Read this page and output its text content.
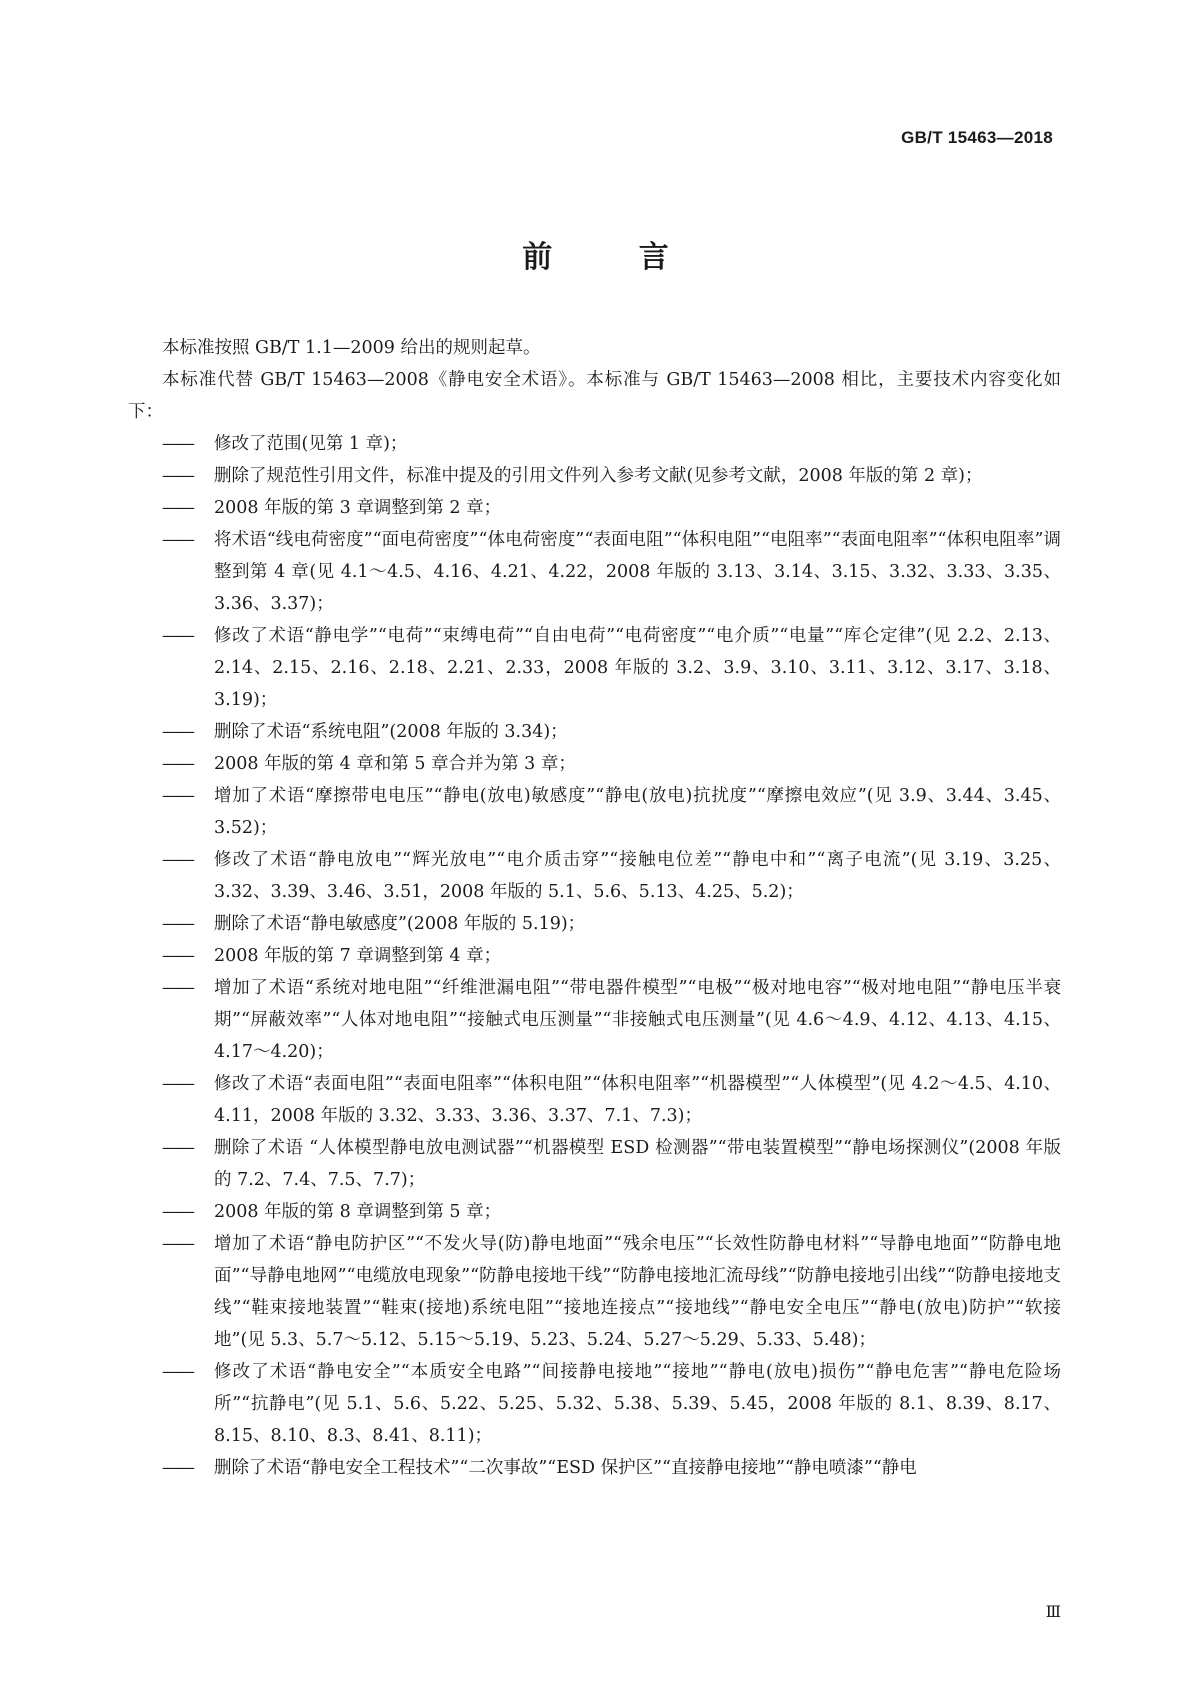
GB/T 15463—2018
前 言

本标准按照 GB/T 1.1—2009 给出的规则起草。

本标准代替 GB/T 15463—2008《静电安全术语》。本标准与 GB/T 15463—2008 相比，主要技术内容变化如下：

——	修改了范围(见第 1 章)；

——	删除了规范性引用文件，标准中提及的引用文件列入参考文献(见参考文献，2008 年版的第 2 章)；

——	2008 年版的第 3 章调整到第 2 章；

——	将术语“线电荷密度”“面电荷密度”“体电荷密度”“表面电阻”“体积电阻”“电阻率”“表面电阻率”“体积电阻率”调整到第 4 章(见 4.1～4.5、4.16、4.21、4.22，2008 年版的 3.13、3.14、3.15、3.32、3.33、3.35、3.36、3.37)；

——	修改了术语“静电学”“电荷”“束缚电荷”“自由电荷”“电荷密度”“电介质”“电量”“库仑定律”(见 2.2、2.13、2.14、2.15、2.16、2.18、2.21、2.33，2008 年版的 3.2、3.9、3.10、3.11、3.12、3.17、3.18、3.19)；

——	删除了术语“系统电阻”(2008 年版的 3.34)；

——	2008 年版的第 4 章和第 5 章合并为第 3 章；

——	增加了术语“摩擦带电电压”“静电(放电)敏感度”“静电(放电)抗扰度”“摩擦电效应”(见 3.9、3.44、3.45、3.52)；

——	修改了术语“静电放电”“辉光放电”“电介质击穿”“接触电位差”“静电中和”“离子电流”(见 3.19、3.25、3.32、3.39、3.46、3.51，2008 年版的 5.1、5.6、5.13、4.25、5.2)；

——	删除了术语“静电敏感度”(2008 年版的 5.19)；

——	2008 年版的第 7 章调整到第 4 章；

——	增加了术语“系统对地电阻”“纤维泄漏电阻”“带电器件模型”“电极”“极对地电容”“极对地电阻”“静电压半衰期”“屏蔽效率”“人体对地电阻”“接触式电压测量”“非接触式电压测量”(见 4.6～4.9、4.12、4.13、4.15、4.17～4.20)；

——	修改了术语“表面电阻”“表面电阻率”“体积电阻”“体积电阻率”“机器模型”“人体模型”(见 4.2～4.5、4.10、4.11，2008 年版的 3.32、3.33、3.36、3.37、7.1、7.3)；

——	删除了术语 “人体模型静电放电测试器”“机器模型 ESD 检测器”“带电装置模型”“静电场探测仪”(2008 年版的 7.2、7.4、7.5、7.7)；

——	2008 年版的第 8 章调整到第 5 章；

——	增加了术语“静电防护区”“不发火导(防)静电地面”“残余电压”“长效性防静电材料”“导静电地面”“防静电地面”“导静电地网”“电缆放电现象”“防静电接地干线”“防静电接地汇流母线”“防静电接地引出线”“防静电接地支线”“鞋束接地装置”“鞋束(接地)系统电阻”“接地连接点”“接地线”“静电安全电压”“静电(放电)防护”“软接地”(见 5.3、5.7～5.12、5.15～5.19、5.23、5.24、5.27～5.29、5.33、5.48)；

——	修改了术语“静电安全”“本质安全电路”“间接静电接地”“接地”“静电(放电)损伤”“静电危害”“静电危险场所”“抗静电”(见 5.1、5.6、5.22、5.25、5.32、5.38、5.39、5.45，2008 年版的 8.1、8.39、8.17、8.15、8.10、8.3、8.41、8.11)；

——	删除了术语“静电安全工程技术”“二次事故”“ESD 保护区”“直接静电接地”“静电喷漆”“静电

Ⅲ
